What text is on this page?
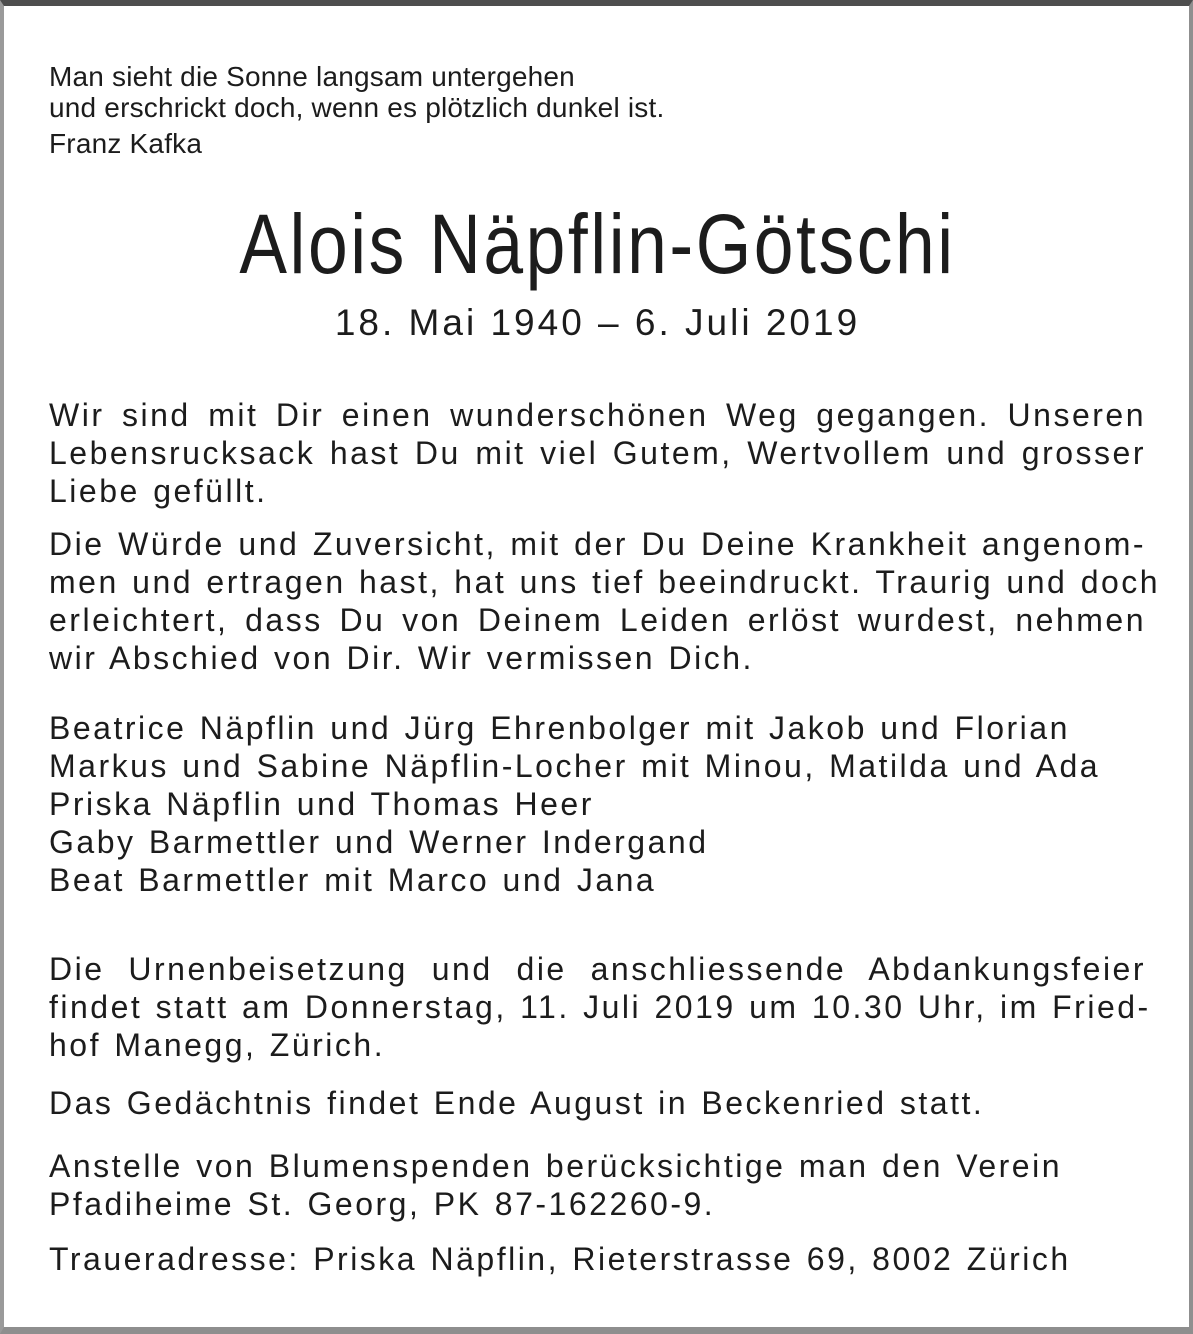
Man sieht die Sonne langsam untergehen
und erschrickt doch, wenn es plötzlich dunkel ist.
Franz Kafka
Alois Näpflin-Götschi
18. Mai 1940 – 6. Juli 2019
Wir sind mit Dir einen wunderschönen Weg gegangen. Unseren
Lebensrucksack hast Du mit viel Gutem, Wertvollem und grosser
Liebe gefüllt.
Die Würde und Zuversicht, mit der Du Deine Krankheit angenom-
men und ertragen hast, hat uns tief beeindruckt. Traurig und doch
erleichtert, dass Du von Deinem Leiden erlöst wurdest, nehmen
wir Abschied von Dir. Wir vermissen Dich.
Beatrice Näpflin und Jürg Ehrenbolger mit Jakob und Florian
Markus und Sabine Näpflin-Locher mit Minou, Matilda und Ada
Priska Näpflin und Thomas Heer
Gaby Barmettler und Werner Indergand
Beat Barmettler mit Marco und Jana
Die Urnenbeisetzung und die anschliessende Abdankungsfeier
findet statt am Donnerstag, 11. Juli 2019 um 10.30 Uhr, im Fried-
hof Manegg, Zürich.
Das Gedächtnis findet Ende August in Beckenried statt.
Anstelle von Blumenspenden berücksichtige man den Verein
Pfadiheime St. Georg, PK 87-162260-9.
Traueradresse: Priska Näpflin, Rieterstrasse 69, 8002 Zürich
